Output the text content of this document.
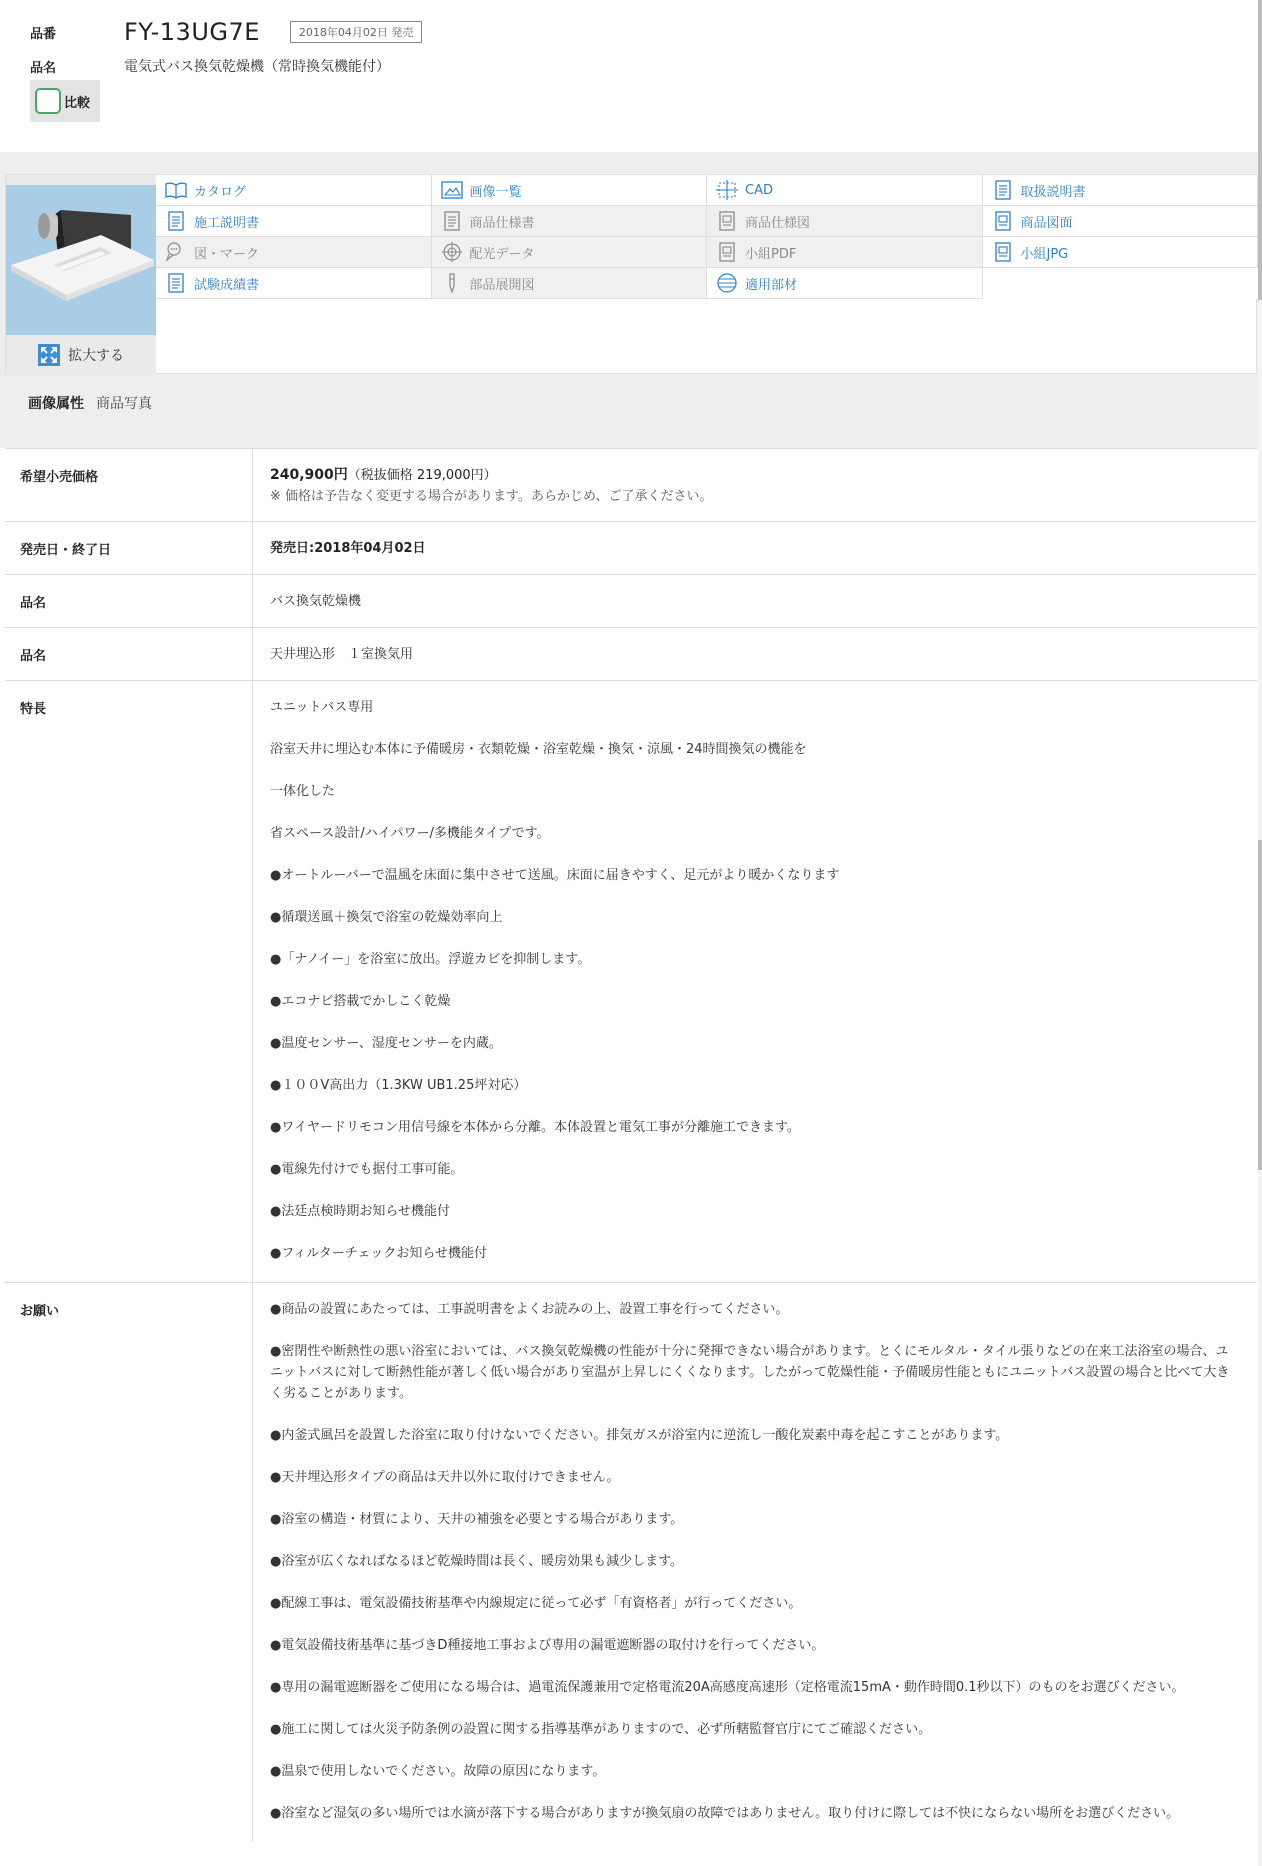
品番	FY-13UG7E	2018年04月02日 発売
品名	電気式バス換気乾燥機（常時換気機能付）
比較
拡大する
カタログ	画像一覧	CAD	取扱説明書
施工説明書	商品仕様書	商品仕様図	商品図面
図・マーク	配光データ	小組PDF	小組JPG
試験成績書	部品展開図	適用部材
画像属性 商品写真
希望小売価格	240,900円（税抜価格 219,000円）
※ 価格は予告なく変更する場合があります。あらかじめ、ご了承ください。
発売日・終了日	発売日:2018年04月02日
品名	バス換気乾燥機
品名	天井埋込形　１室換気用
特長	ユニットバス専用

浴室天井に埋込む本体に予備暖房・衣類乾燥・浴室乾燥・換気・涼風・24時間換気の機能を

一体化した

省スペース設計/ハイパワー/多機能タイプです。

●オートルーバーで温風を床面に集中させて送風。床面に届きやすく、足元がより暖かくなります

●循環送風＋換気で浴室の乾燥効率向上

●「ナノイー」を浴室に放出。浮遊カビを抑制します。

●エコナビ搭載でかしこく乾燥

●温度センサー、湿度センサーを内蔵。

●１００V高出力（1.3KW UB1.25坪対応）

●ワイヤードリモコン用信号線を本体から分離。本体設置と電気工事が分離施工できます。

●電線先付けでも据付工事可能。

●法廷点検時期お知らせ機能付

●フィルターチェックお知らせ機能付

お願い	●商品の設置にあたっては、工事説明書をよくお読みの上、設置工事を行ってください。

●密閉性や断熱性の悪い浴室においては、バス換気乾燥機の性能が十分に発揮できない場合があります。とくにモルタル・タイル張りなどの在来工法浴室の場合、ユニットバスに対して断熱性能が著しく低い場合があり室温が上昇しにくくなります。したがって乾燥性能・予備暖房性能ともにユニットバス設置の場合と比べて大きく劣ることがあります。

●内釜式風呂を設置した浴室に取り付けないでください。排気ガスが浴室内に逆流し一酸化炭素中毒を起こすことがあります。

●天井埋込形タイプの商品は天井以外に取付けできません。

●浴室の構造・材質により、天井の補強を必要とする場合があります。

●浴室が広くなればなるほど乾燥時間は長く、暖房効果も減少します。

●配線工事は、電気設備技術基準や内線規定に従って必ず「有資格者」が行ってください。

●電気設備技術基準に基づきD種接地工事および専用の漏電遮断器の取付けを行ってください。

●専用の漏電遮断器をご使用になる場合は、過電流保護兼用で定格電流20A高感度高速形（定格電流15mA・動作時間0.1秒以下）のものをお選びください。

●施工に関しては火災予防条例の設置に関する指導基準がありますので、必ず所轄監督官庁にてご確認ください。

●温泉で使用しないでください。故障の原因になります。

●浴室など湿気の多い場所では水滴が落下する場合がありますが換気扇の故障ではありません。取り付けに際しては不快にならない場所をお選びください。
